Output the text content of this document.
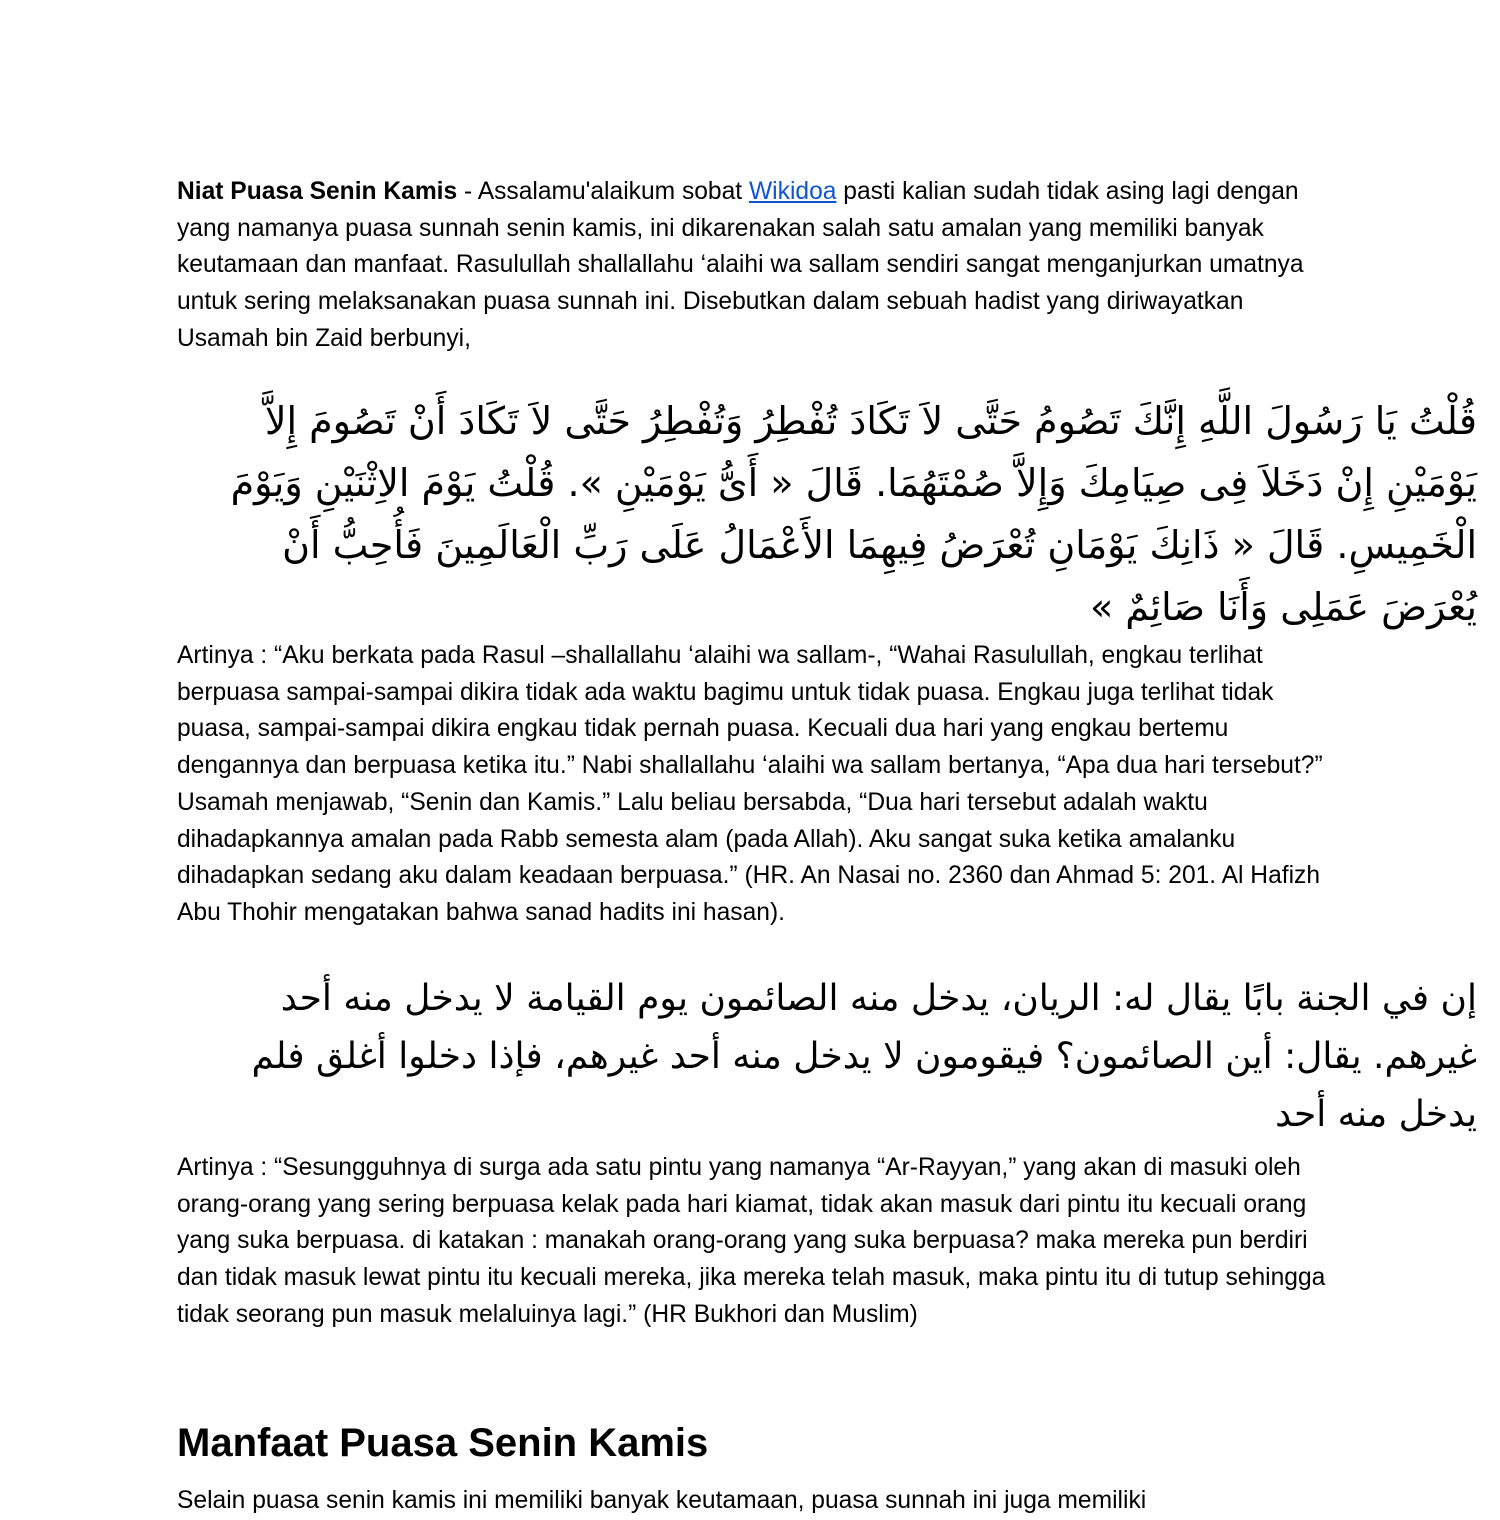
Niat Puasa Senin Kamis - Assalamu'alaikum sobat Wikidoa pasti kalian sudah tidak asing lagi dengan yang namanya puasa sunnah senin kamis, ini dikarenakan salah satu amalan yang memiliki banyak keutamaan dan manfaat. Rasulullah shallallahu ‘alaihi wa sallam sendiri sangat menganjurkan umatnya untuk sering melaksanakan puasa sunnah ini. Disebutkan dalam sebuah hadist yang diriwayatkan Usamah bin Zaid berbunyi,

قُلْتُ يَا رَسُولَ اللَّهِ إِنَّكَ تَصُومُ حَتَّى لاَ تَكَادَ تُفْطِرُ وَتُفْطِرُ حَتَّى لاَ تَكَادَ أَنْ تَصُومَ إِلاَّ يَوْمَيْنِ إِنْ دَخَلاَ فِى صِيَامِكَ وَإِلاَّ صُمْتَهُمَا. قَالَ « أَىُّ يَوْمَيْنِ ». قُلْتُ يَوْمَ الاِثْنَيْنِ وَيَوْمَ الْخَمِيسِ. قَالَ « ذَانِكَ يَوْمَانِ تُعْرَضُ فِيهِمَا الأَعْمَالُ عَلَى رَبِّ الْعَالَمِينَ فَأُحِبُّ أَنْ يُعْرَضَ عَمَلِى وَأَنَا صَائِمٌ »

Artinya : “Aku berkata pada Rasul –shallallahu ‘alaihi wa sallam-, “Wahai Rasulullah, engkau terlihat berpuasa sampai-sampai dikira tidak ada waktu bagimu untuk tidak puasa. Engkau juga terlihat tidak puasa, sampai-sampai dikira engkau tidak pernah puasa. Kecuali dua hari yang engkau bertemu dengannya dan berpuasa ketika itu.” Nabi shallallahu ‘alaihi wa sallam bertanya, “Apa dua hari tersebut?” Usamah menjawab, “Senin dan Kamis.” Lalu beliau bersabda, “Dua hari tersebut adalah waktu dihadapkannya amalan pada Rabb semesta alam (pada Allah). Aku sangat suka ketika amalanku dihadapkan sedang aku dalam keadaan berpuasa.” (HR. An Nasai no. 2360 dan Ahmad 5: 201. Al Hafizh Abu Thohir mengatakan bahwa sanad hadits ini hasan).

إن في الجنة بابًا يقال له: الريان، يدخل منه الصائمون يوم القيامة لا يدخل منه أحد غيرهم. يقال: أين الصائمون؟ فيقومون لا يدخل منه أحد غيرهم، فإذا دخلوا أغلق فلم يدخل منه أحد

Artinya : “Sesungguhnya di surga ada satu pintu yang namanya “Ar-Rayyan,” yang akan di masuki oleh orang-orang yang sering berpuasa kelak pada hari kiamat, tidak akan masuk dari pintu itu kecuali orang yang suka berpuasa. di katakan : manakah orang-orang yang suka berpuasa? maka mereka pun berdiri dan tidak masuk lewat pintu itu kecuali mereka, jika mereka telah masuk, maka pintu itu di tutup sehingga tidak seorang pun masuk melaluinya lagi.” (HR Bukhori dan Muslim)

Manfaat Puasa Senin Kamis

Selain puasa senin kamis ini memiliki banyak keutamaan, puasa sunnah ini juga memiliki
